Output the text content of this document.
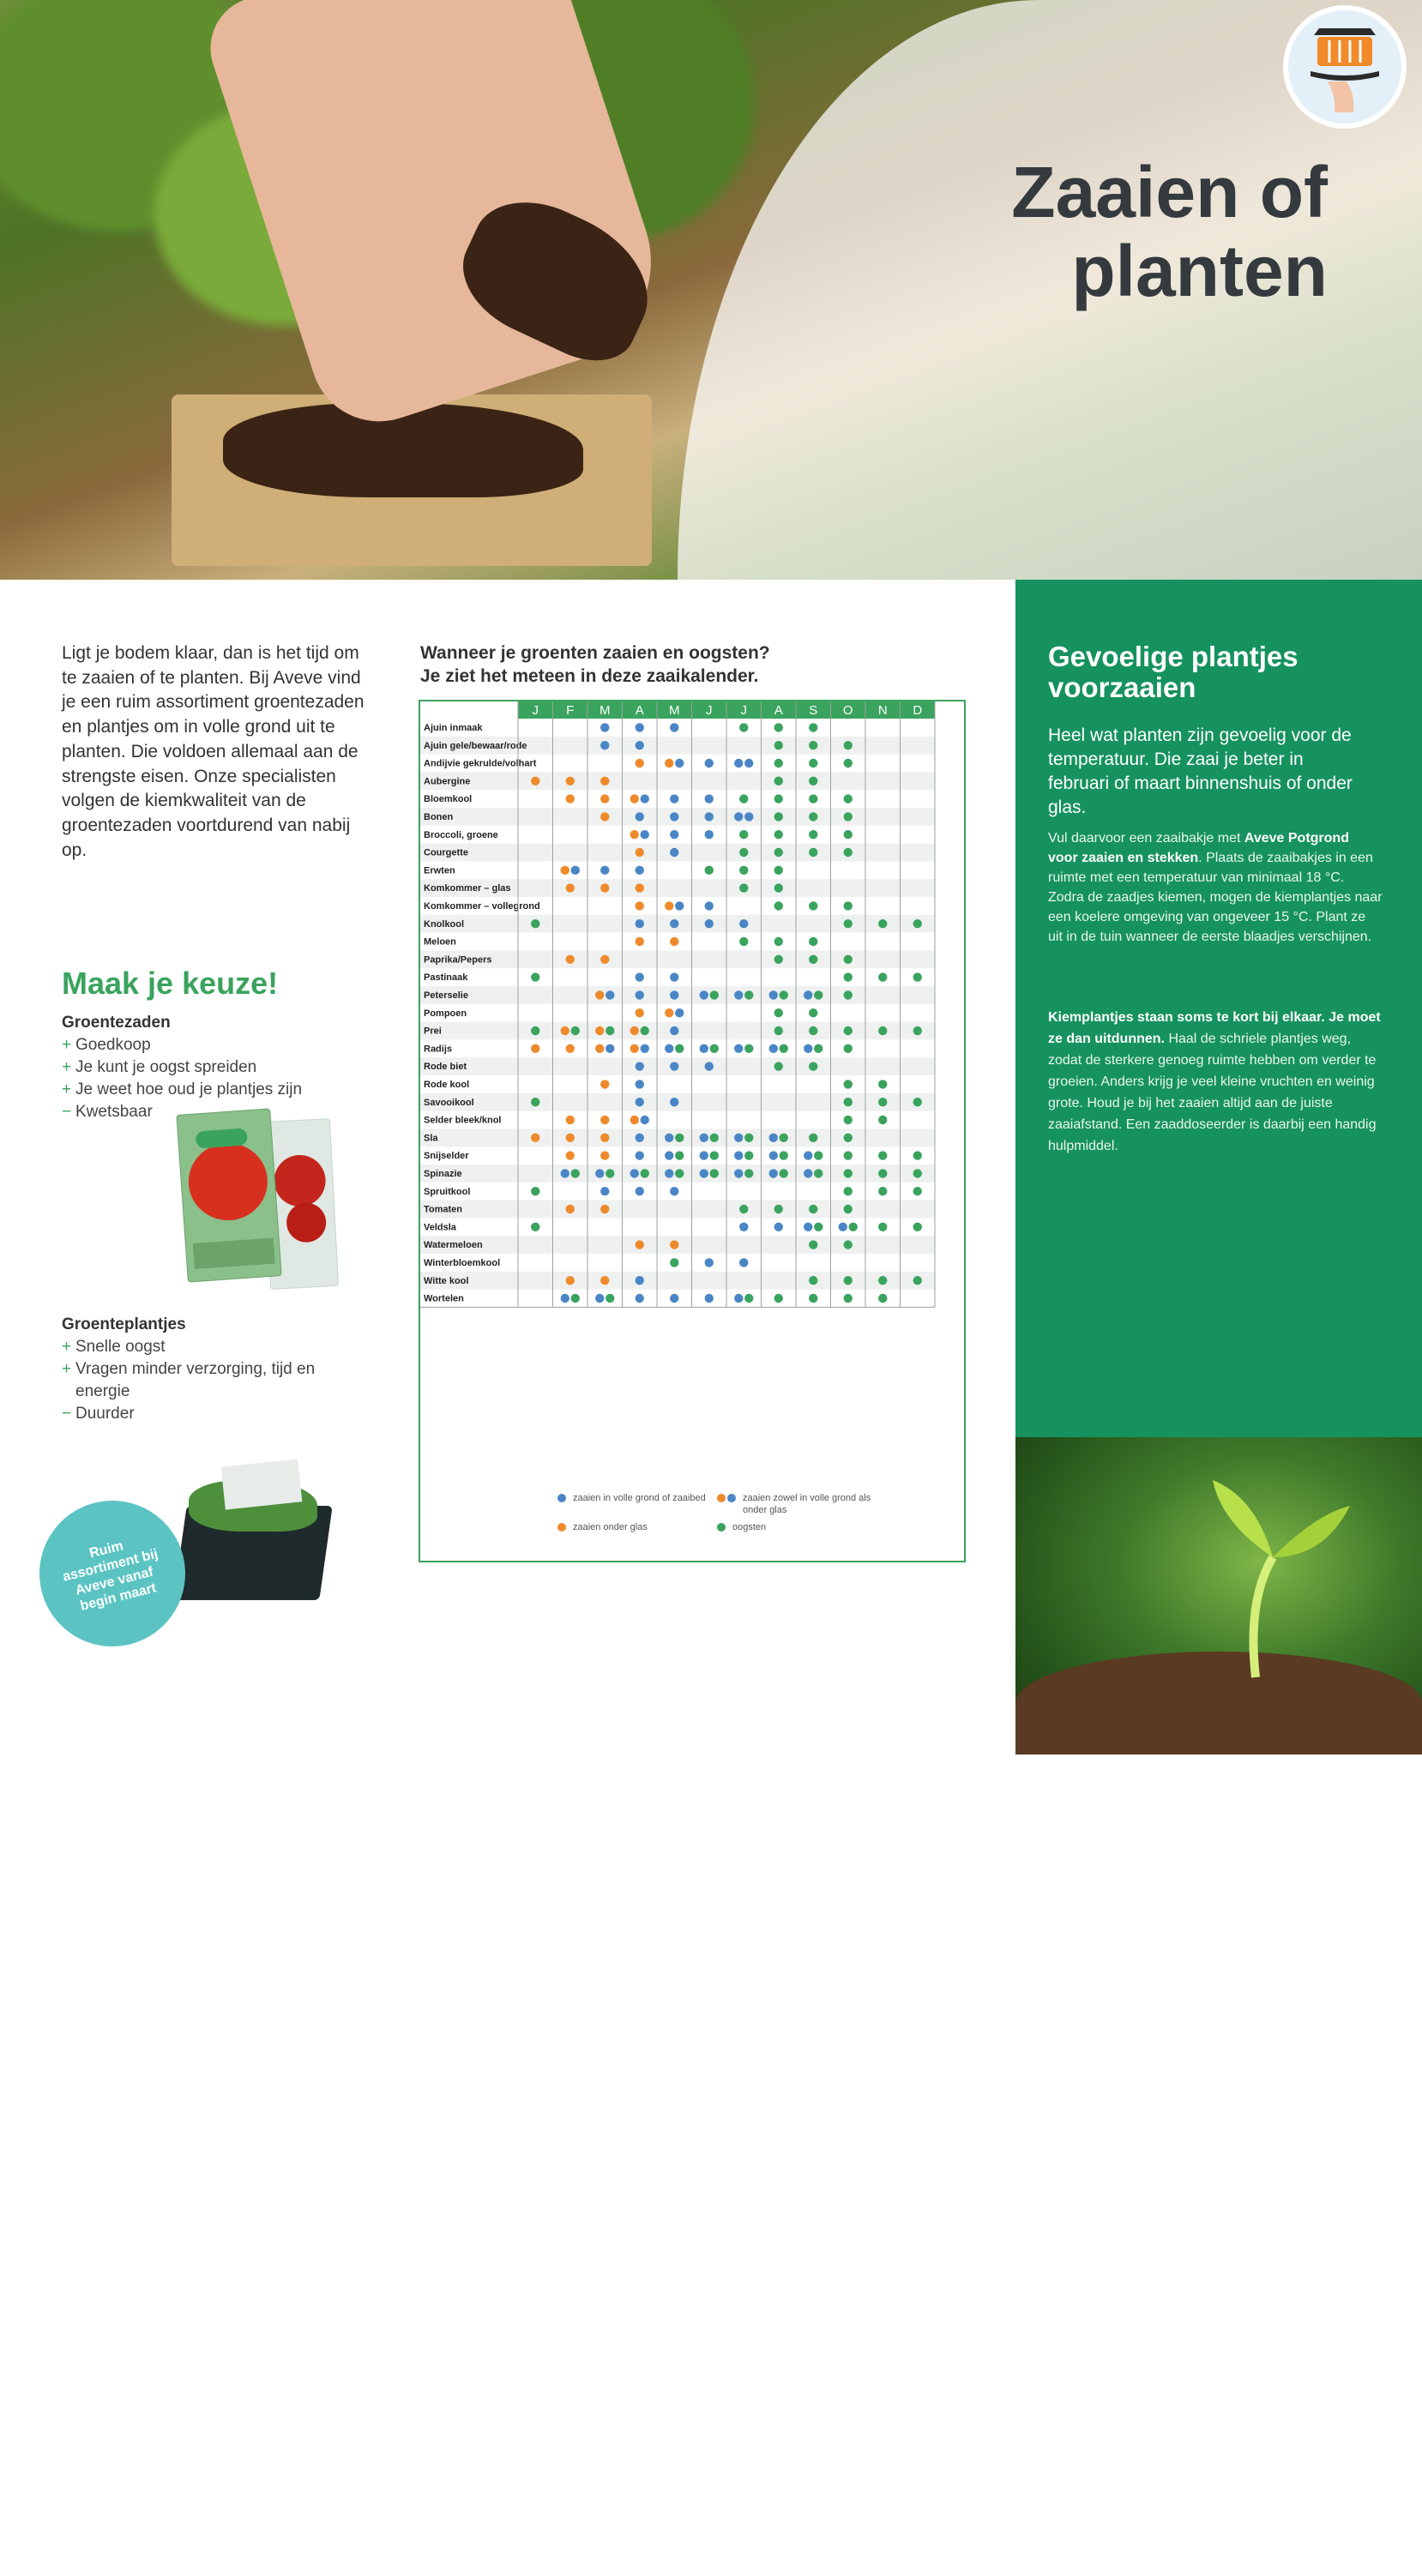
Zaaien of
planten
Ligt je bodem klaar, dan is het tijd om te zaaien of te planten. Bij Aveve vind je een ruim assortiment groentezaden en plantjes om in volle grond uit te planten. Die voldoen allemaal aan de strengste eisen. Onze specialisten volgen de kiemkwaliteit van de groentezaden voortdurend van nabij op.
Maak je keuze!
Groentezaden
+ Goedkoop
+ Je kunt je oogst spreiden
+ Je weet hoe oud je plantjes zijn
− Kwetsbaar
Groenteplantjes
+ Snelle oogst
+ Vragen minder verzorging, tijd en energie
− Duurder
Ruim assortiment bij Aveve vanaf begin maart
Wanneer je groenten zaaien en oogsten?
Je ziet het meteen in deze zaaikalender.
J F M A M J J A S O N D
Ajuin inmaak
Ajuin gele/bewaar/rode
Andijvie gekrulde/volhart
Aubergine
Bloemkool
Bonen
Broccoli, groene
Courgette
Erwten
Komkommer – glas
Komkommer – vollegrond
Knolkool
Meloen
Paprika/Pepers
Pastinaak
Peterselie
Pompoen
Prei
Radijs
Rode biet
Rode kool
Savooikool
Selder bleek/knol
Sla
Snijselder
Spinazie
Spruitkool
Tomaten
Veldsla
Watermeloen
Winterbloemkool
Witte kool
Wortelen
zaaien in volle grond of zaaibed
zaaien onder glas
zaaien zowel in volle grond als onder glas
oogsten
Gevoelige plantjes voorzaaien
Heel wat planten zijn gevoelig voor de temperatuur. Die zaai je beter in februari of maart binnenshuis of onder glas.
Vul daarvoor een zaaibakje met Aveve Potgrond voor zaaien en stekken. Plaats de zaaibakjes in een ruimte met een temperatuur van minimaal 18 °C. Zodra de zaadjes kiemen, mogen de kiemplantjes naar een koelere omgeving van ongeveer 15 °C. Plant ze uit in de tuin wanneer de eerste blaadjes verschijnen.
Kiemplantjes staan soms te kort bij elkaar. Je moet ze dan uitdunnen. Haal de schriele plantjes weg, zodat de sterkere genoeg ruimte hebben om verder te groeien. Anders krijg je veel kleine vruchten en weinig grote. Houd je bij het zaaien altijd aan de juiste zaaiafstand. Een zaaddoseerder is daarbij een handig hulpmiddel.
Zaaien of planten 9
